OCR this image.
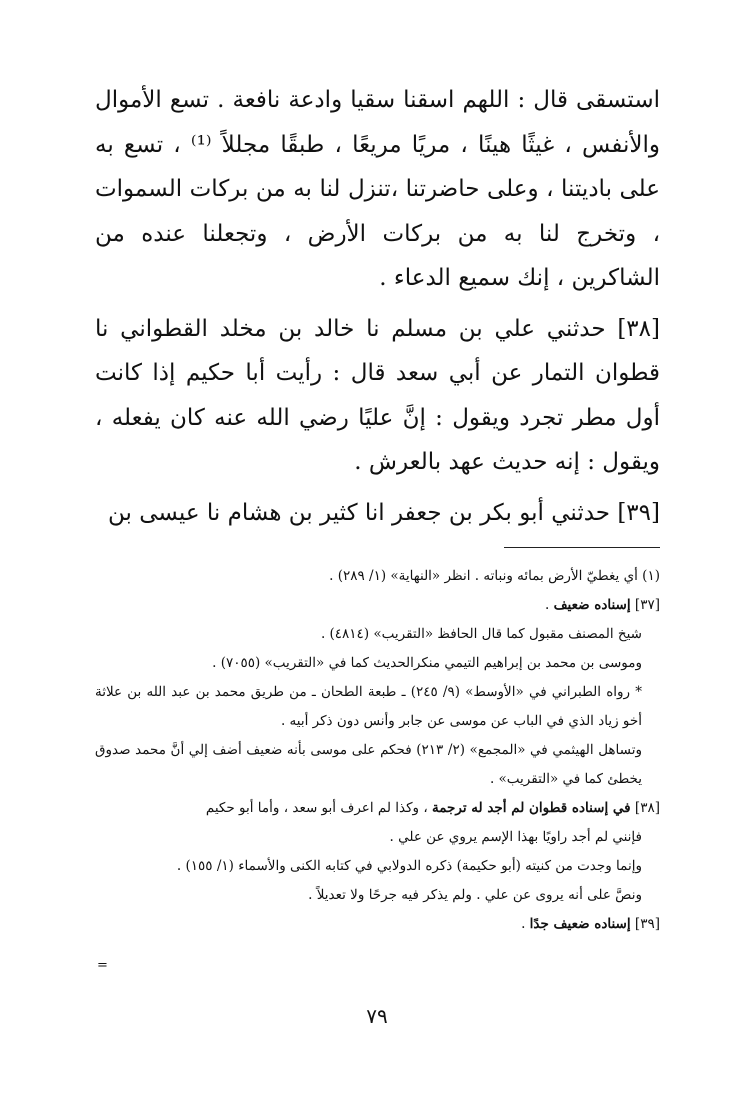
استسقى قال : اللهم اسقنا سقيا وادعة نافعة . تسع الأموال والأنفس ، غيثًا هينًا ، مريًا مريعًا ، طبقًا مجللاً ⁽¹⁾ ، تسع به على باديتنا ، وعلى حاضرتنا ،تنزل لنا به من بركات السموات ، وتخرج لنا به من بركات الأرض ، وتجعلنا عنده من الشاكرين ، إنك سميع الدعاء .

[٣٨] حدثني علي بن مسلم نا خالد بن مخلد القطواني نا قطوان التمار عن أبي سعد قال : رأيت أبا حكيم إذا كانت أول مطر تجرد ويقول : إنَّ عليًا رضي الله عنه كان يفعله ، ويقول : إنه حديث عهد بالعرش .

[٣٩] حدثني أبو بكر بن جعفر انا كثير بن هشام نا عيسى بن

(١) أي يغطيّ الأرض بمائه ونباته . انظر «النهاية» (١/ ٢٨٩) .

[٣٧] إسناده ضعيف .

شيخ المصنف مقبول كما قال الحافظ «التقريب» (٤٨١٤) .

وموسى بن محمد بن إبراهيم التيمي منكرالحديث كما في «التقريب» (٧٠٥٥) .

* رواه الطبراني في «الأوسط» (٩/ ٢٤٥) ـ طبعة الطحان ـ من طريق محمد بن عبد الله بن علاثة أخو زياد الذي في الباب عن موسى عن جابر وأنس دون ذكر أبيه .

وتساهل الهيثمي في «المجمع» (٢/ ٢١٣) فحكم على موسى بأنه ضعيف أضف إلي أنَّ محمد صدوق يخطئ كما في «التقريب» .

[٣٨] في إسناده قطوان لم أجد له ترجمة ، وكذا لم اعرف أبو سعد ، وأما أبو حكيم

فإنني لم أجد راويًا بهذا الإسم يروي عن علي .

وإنما وجدت من كنيته (أبو حكيمة) ذكره الدولابي في كتابه الكنى والأسماء (١/ ١٥٥) .

ونصَّ على أنه يروى عن علي . ولم يذكر فيه جرحًا ولا تعديلاً .

[٣٩] إسناده ضعيف جدًا .

=
٧٩
